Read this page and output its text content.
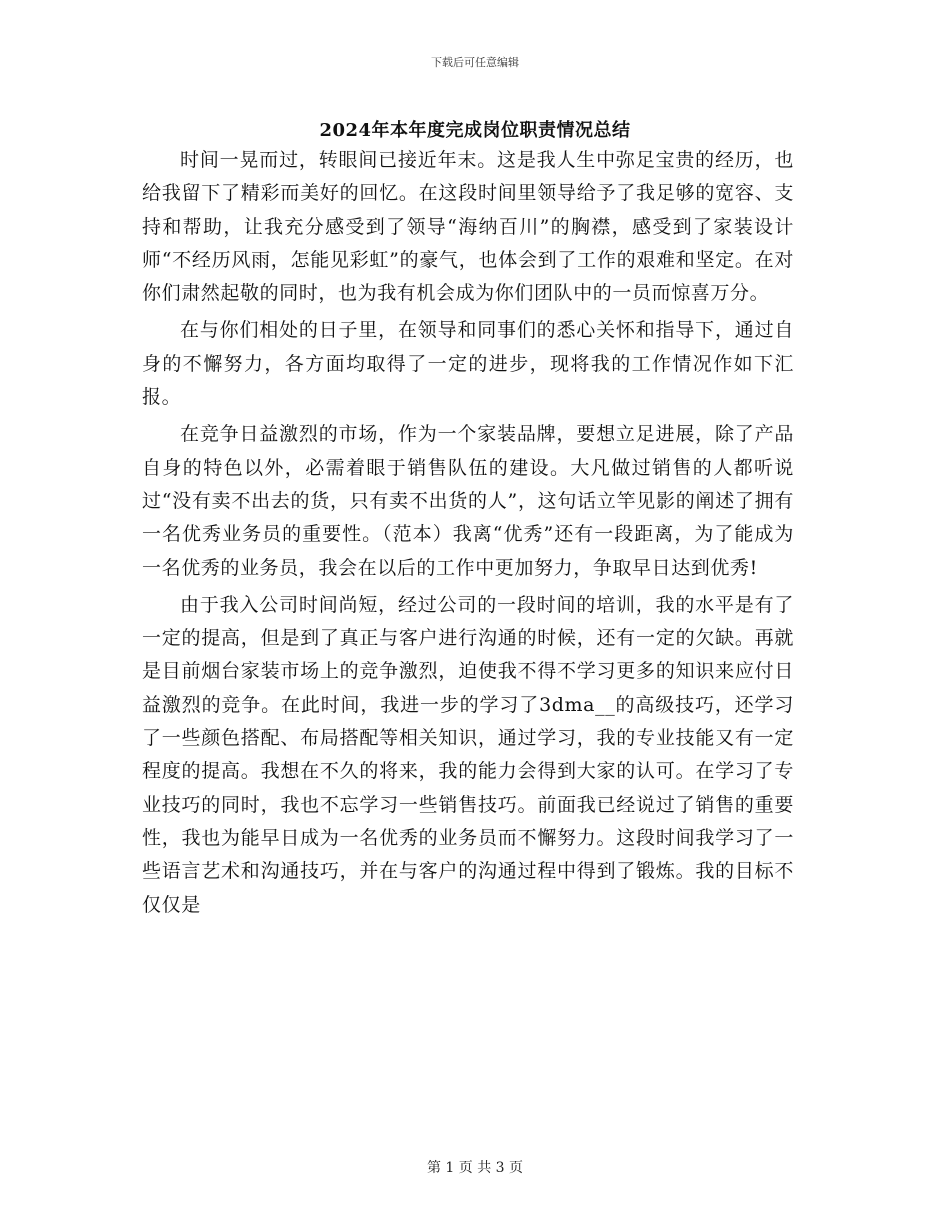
下载后可任意编辑
2024年本年度完成岗位职责情况总结

时间一晃而过，转眼间已接近年末。这是我人生中弥足宝贵的经历，也给我留下了精彩而美好的回忆。在这段时间里领导给予了我足够的宽容、支持和帮助，让我充分感受到了领导“海纳百川”的胸襟，感受到了家装设计师“不经历风雨，怎能见彩虹”的豪气，也体会到了工作的艰难和坚定。在对你们肃然起敬的同时，也为我有机会成为你们团队中的一员而惊喜万分。

在与你们相处的日子里，在领导和同事们的悉心关怀和指导下，通过自身的不懈努力，各方面均取得了一定的进步，现将我的工作情况作如下汇报。

在竞争日益激烈的市场，作为一个家装品牌，要想立足进展，除了产品自身的特色以外，必需着眼于销售队伍的建设。大凡做过销售的人都听说过“没有卖不出去的货，只有卖不出货的人”，这句话立竿见影的阐述了拥有一名优秀业务员的重要性。（范本）我离“优秀”还有一段距离，为了能成为一名优秀的业务员，我会在以后的工作中更加努力，争取早日达到优秀!

由于我入公司时间尚短，经过公司的一段时间的培训，我的水平是有了一定的提高，但是到了真正与客户进行沟通的时候，还有一定的欠缺。再就是目前烟台家装市场上的竞争激烈，迫使我不得不学习更多的知识来应付日益激烈的竞争。在此时间，我进一步的学习了3dma__的高级技巧，还学习了一些颜色搭配、布局搭配等相关知识，通过学习，我的专业技能又有一定程度的提高。我想在不久的将来，我的能力会得到大家的认可。在学习了专业技巧的同时，我也不忘学习一些销售技巧。前面我已经说过了销售的重要性，我也为能早日成为一名优秀的业务员而不懈努力。这段时间我学习了一些语言艺术和沟通技巧，并在与客户的沟通过程中得到了锻炼。我的目标不仅仅是

第 1 页 共 3 页
